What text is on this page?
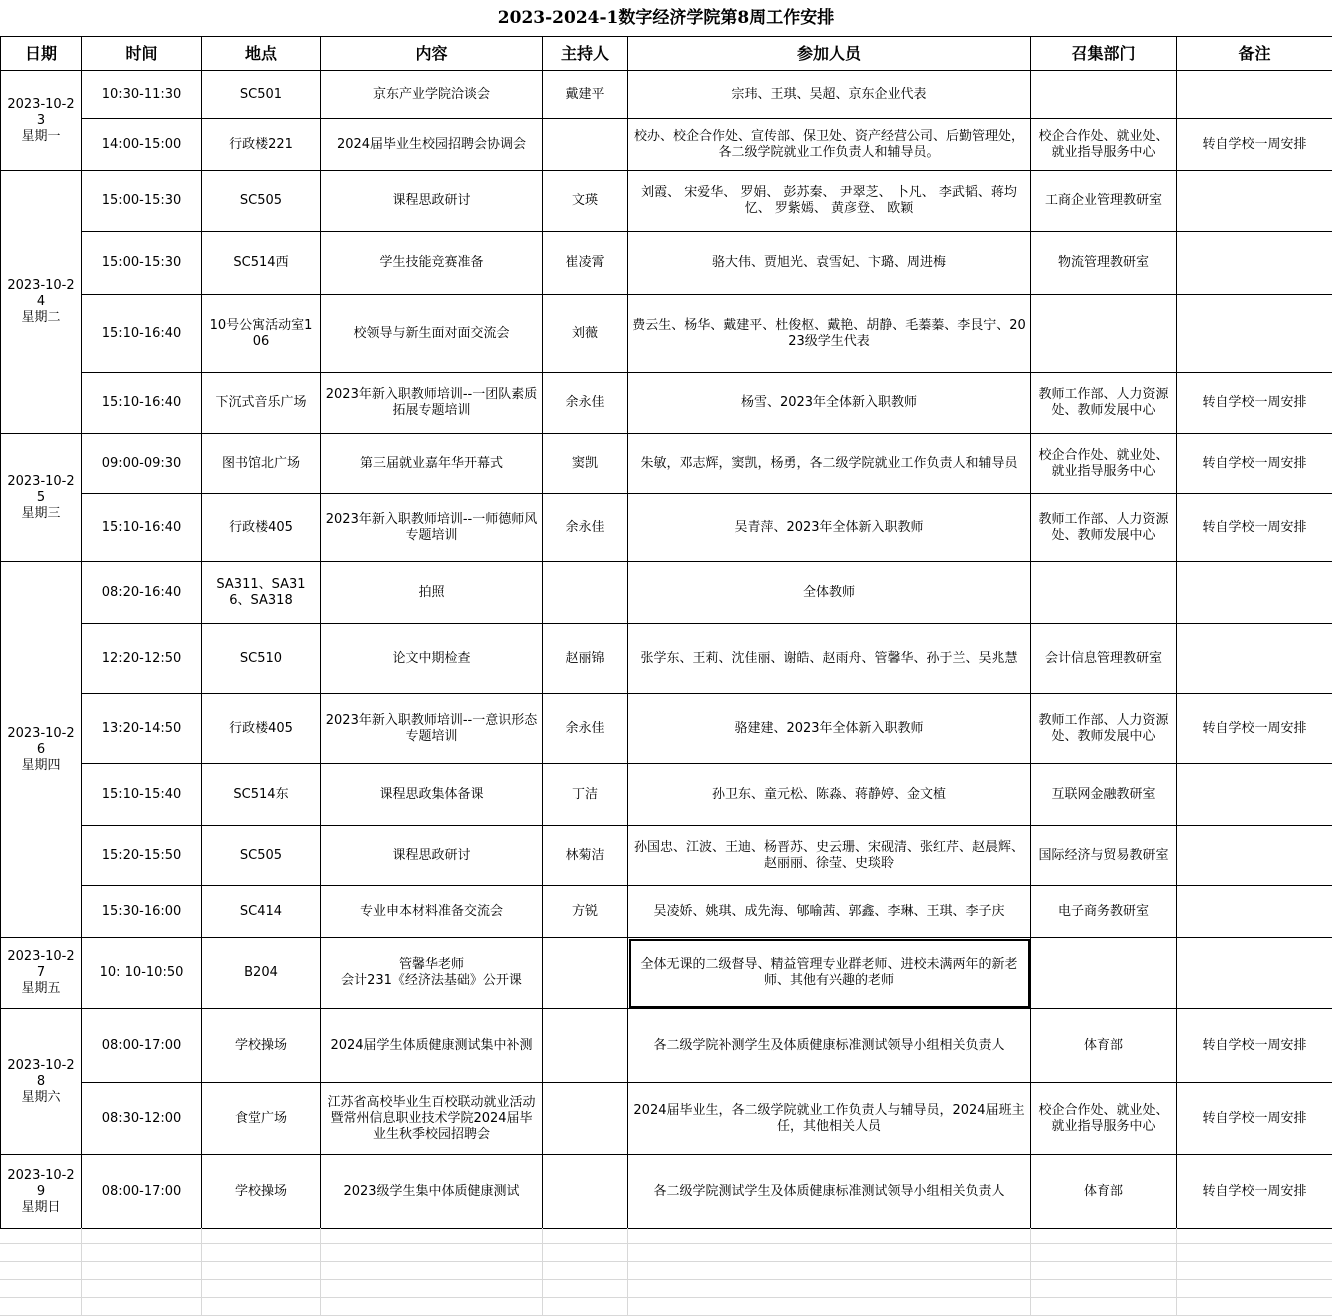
2023-2024-1数字经济学院第8周工作安排
日期	时间	地点	内容	主持人	参加人员	召集部门	备注

2023-10-23
星期一	10:30-11:30	SC501	京东产业学院洽谈会	戴建平	宗玮、王琪、吴超、京东企业代表		
	14:00-15:00	行政楼221	2024届毕业生校园招聘会协调会		校办、校企合作处、宣传部、保卫处、资产经营公司、后勤管理处，各二级学院就业工作负责人和辅导员。	校企合作处、就业处、就业指导服务中心	转自学校一周安排

2023-10-24
星期二	15:00-15:30	SC505	课程思政研讨	文瑛	刘霞、 宋爱华、 罗娟、 彭苏秦、 尹翠芝、 卜凡、 李武韬、蒋均忆、 罗紫嫣、 黄彦登、 欧颖	工商企业管理教研室	
	15:00-15:30	SC514西	学生技能竞赛准备	崔凌霄	骆大伟、贾旭光、袁雪妃、卞璐、周进梅	物流管理教研室	
	15:10-16:40	10号公寓活动室106	校领导与新生面对面交流会	刘薇	费云生、杨华、戴建平、杜俊枢、戴艳、胡静、毛蓁蓁、李艮宁、2023级学生代表		
	15:10-16:40	下沉式音乐广场	2023年新入职教师培训--一团队素质拓展专题培训	余永佳	杨雪、2023年全体新入职教师	教师工作部、人力资源处、教师发展中心	转自学校一周安排

2023-10-25
星期三	09:00-09:30	图书馆北广场	第三届就业嘉年华开幕式	窦凯	朱敏，邓志辉，窦凯，杨勇，各二级学院就业工作负责人和辅导员	校企合作处、就业处、就业指导服务中心	转自学校一周安排
	15:10-16:40	行政楼405	2023年新入职教师培训--一师德师风专题培训	余永佳	吴青萍、2023年全体新入职教师	教师工作部、人力资源处、教师发展中心	转自学校一周安排

2023-10-26
星期四	08:20-16:40	SA311、SA316、SA318	拍照		全体教师		
	12:20-12:50	SC510	论文中期检查	赵丽锦	张学东、王莉、沈佳丽、谢皓、赵雨舟、管馨华、孙于兰、吴兆慧	会计信息管理教研室	
	13:20-14:50	行政楼405	2023年新入职教师培训--一意识形态专题培训	余永佳	骆建建、2023年全体新入职教师	教师工作部、人力资源处、教师发展中心	转自学校一周安排
	15:10-15:40	SC514东	课程思政集体备课	丁洁	孙卫东、童元松、陈淼、蒋静婷、金文植	互联网金融教研室	
	15:20-15:50	SC505	课程思政研讨	林菊洁	孙国忠、江波、王迪、杨晋苏、史云珊、宋砚清、张红芹、赵晨辉、赵丽丽、徐莹、史琰聆	国际经济与贸易教研室	
	15:30-16:00	SC414	专业申本材料准备交流会	方锐	吴凌娇、姚琪、成先海、郇喻茜、郭鑫、李琳、王琪、李子庆	电子商务教研室	

2023-10-27
星期五	10: 10-10:50	B204	管馨华老师
会计231《经济法基础》公开课		全体无课的二级督导、精益管理专业群老师、进校未满两年的新老师、其他有兴趣的老师		

2023-10-28
星期六	08:00-17:00	学校操场	2024届学生体质健康测试集中补测		各二级学院补测学生及体质健康标准测试领导小组相关负责人	体育部	转自学校一周安排
	08:30-12:00	食堂广场	江苏省高校毕业生百校联动就业活动暨常州信息职业技术学院2024届毕业生秋季校园招聘会		2024届毕业生，各二级学院就业工作负责人与辅导员，2024届班主任，其他相关人员	校企合作处、就业处、就业指导服务中心	转自学校一周安排

2023-10-29
星期日	08:00-17:00	学校操场	2023级学生集中体质健康测试		各二级学院测试学生及体质健康标准测试领导小组相关负责人	体育部	转自学校一周安排
